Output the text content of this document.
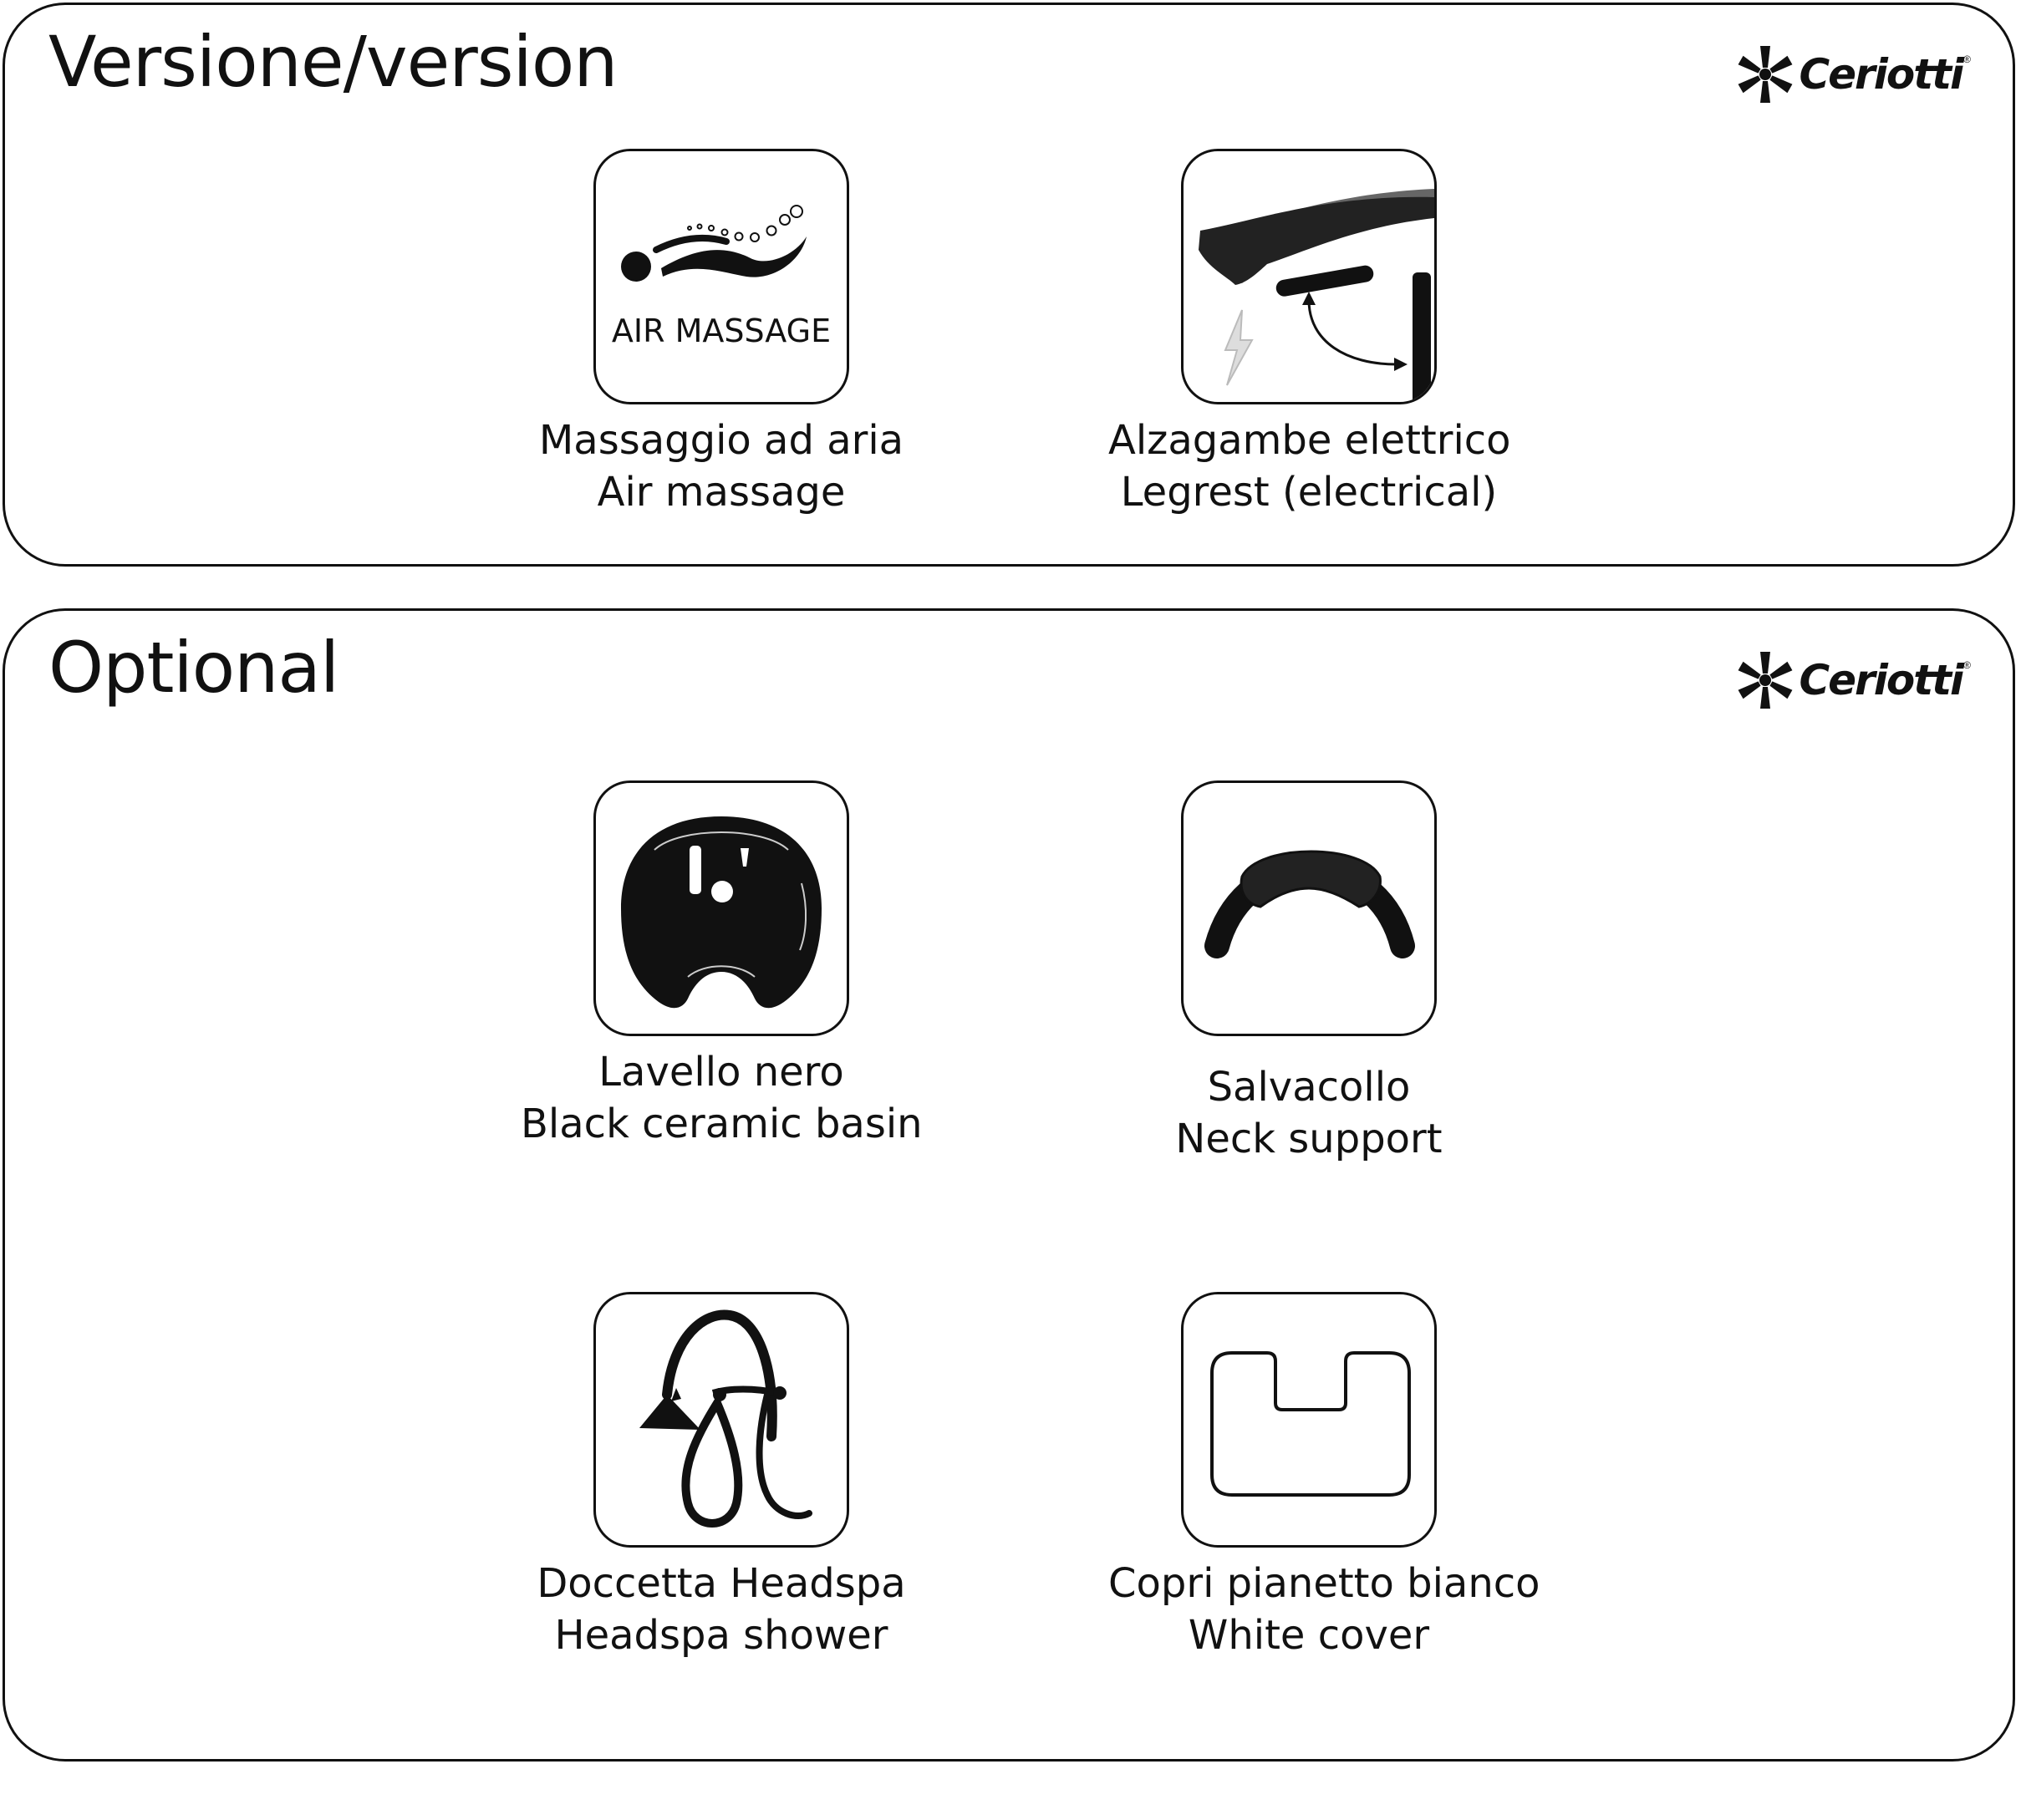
Versione/version	Ceriotti ®
AIR MASSAGE
Massaggio ad aria
Air massage
Alzagambe elettrico
Legrest (electrical)
Optional	Ceriotti ®
Lavello nero
Black ceramic basin
Salvacollo
Neck support
Doccetta Headspa
Headspa shower
Copri pianetto bianco
White cover
